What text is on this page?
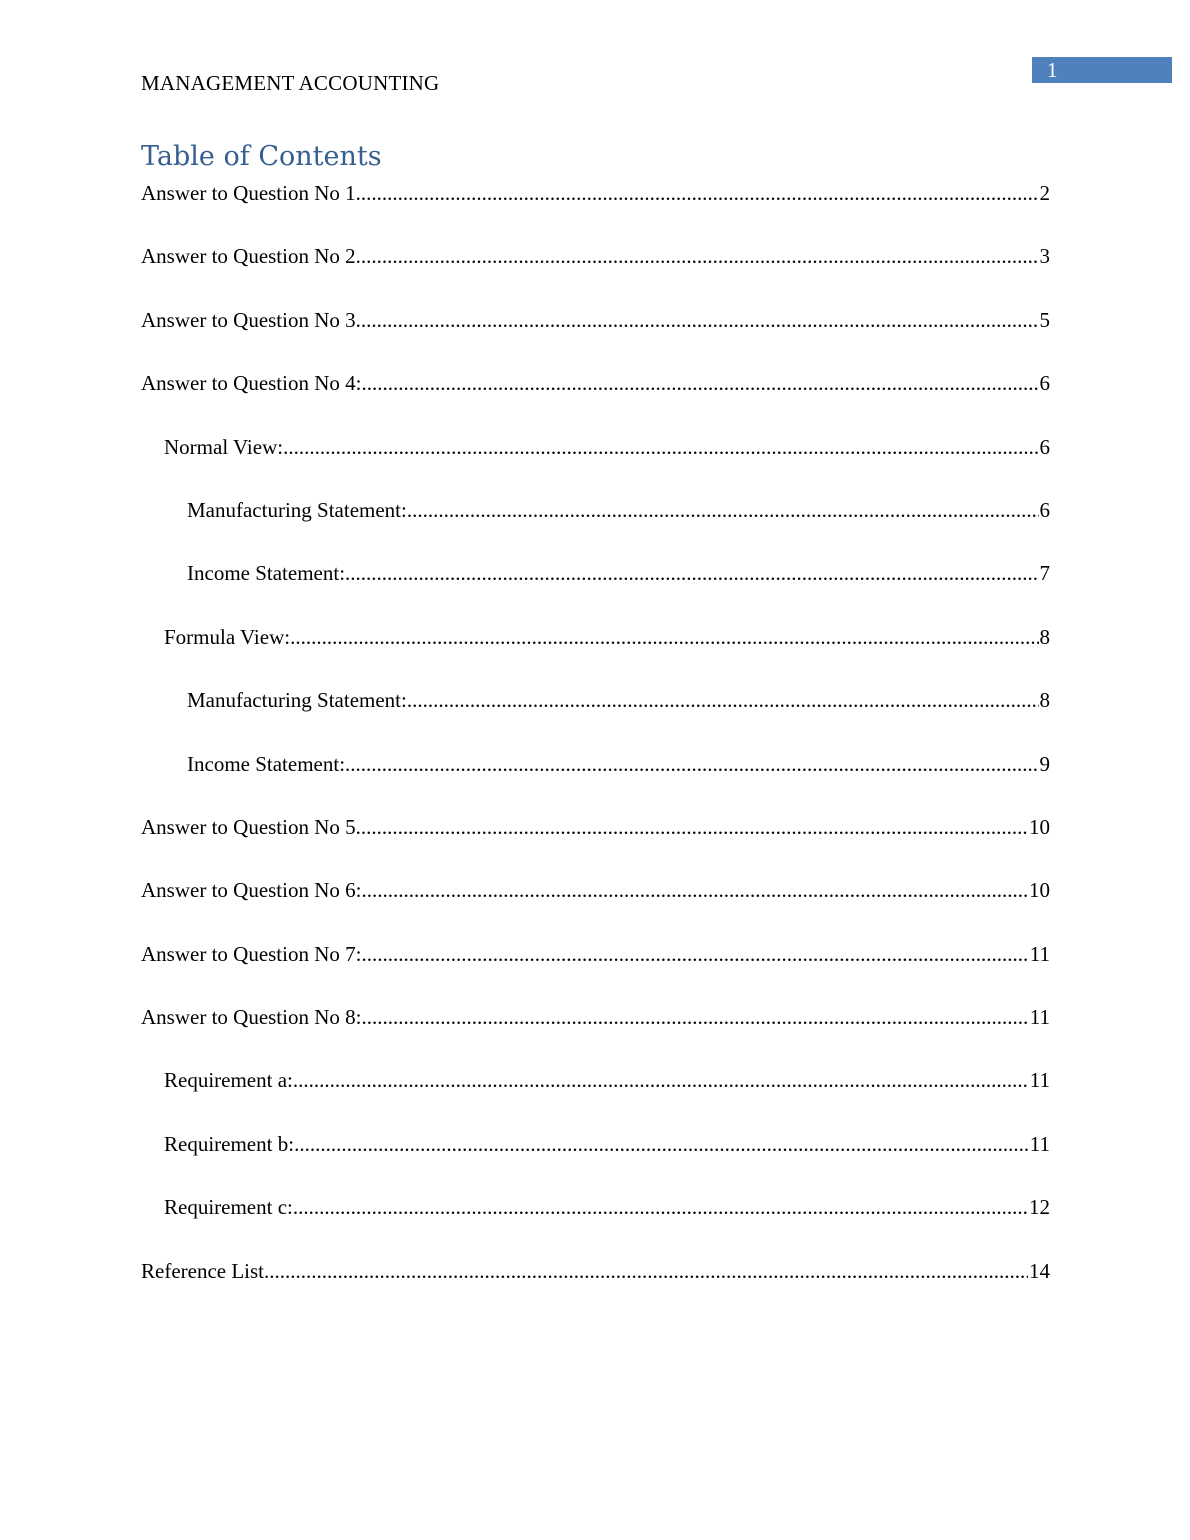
MANAGEMENT ACCOUNTING
1
Table of Contents
Answer to Question No 1 .....	2
Answer to Question No 2 .....	3
Answer to Question No 3 .....	5
Answer to Question No 4: .....	6
Normal View: .....	6
Manufacturing Statement: .....	6
Income Statement: .....	7
Formula View: .....	8
Manufacturing Statement: .....	8
Income Statement: .....	9
Answer to Question No 5 .....	10
Answer to Question No 6: .....	10
Answer to Question No 7: .....	11
Answer to Question No 8: .....	11
Requirement a: .....	11
Requirement b: .....	11
Requirement c: .....	12
Reference List .....	14
